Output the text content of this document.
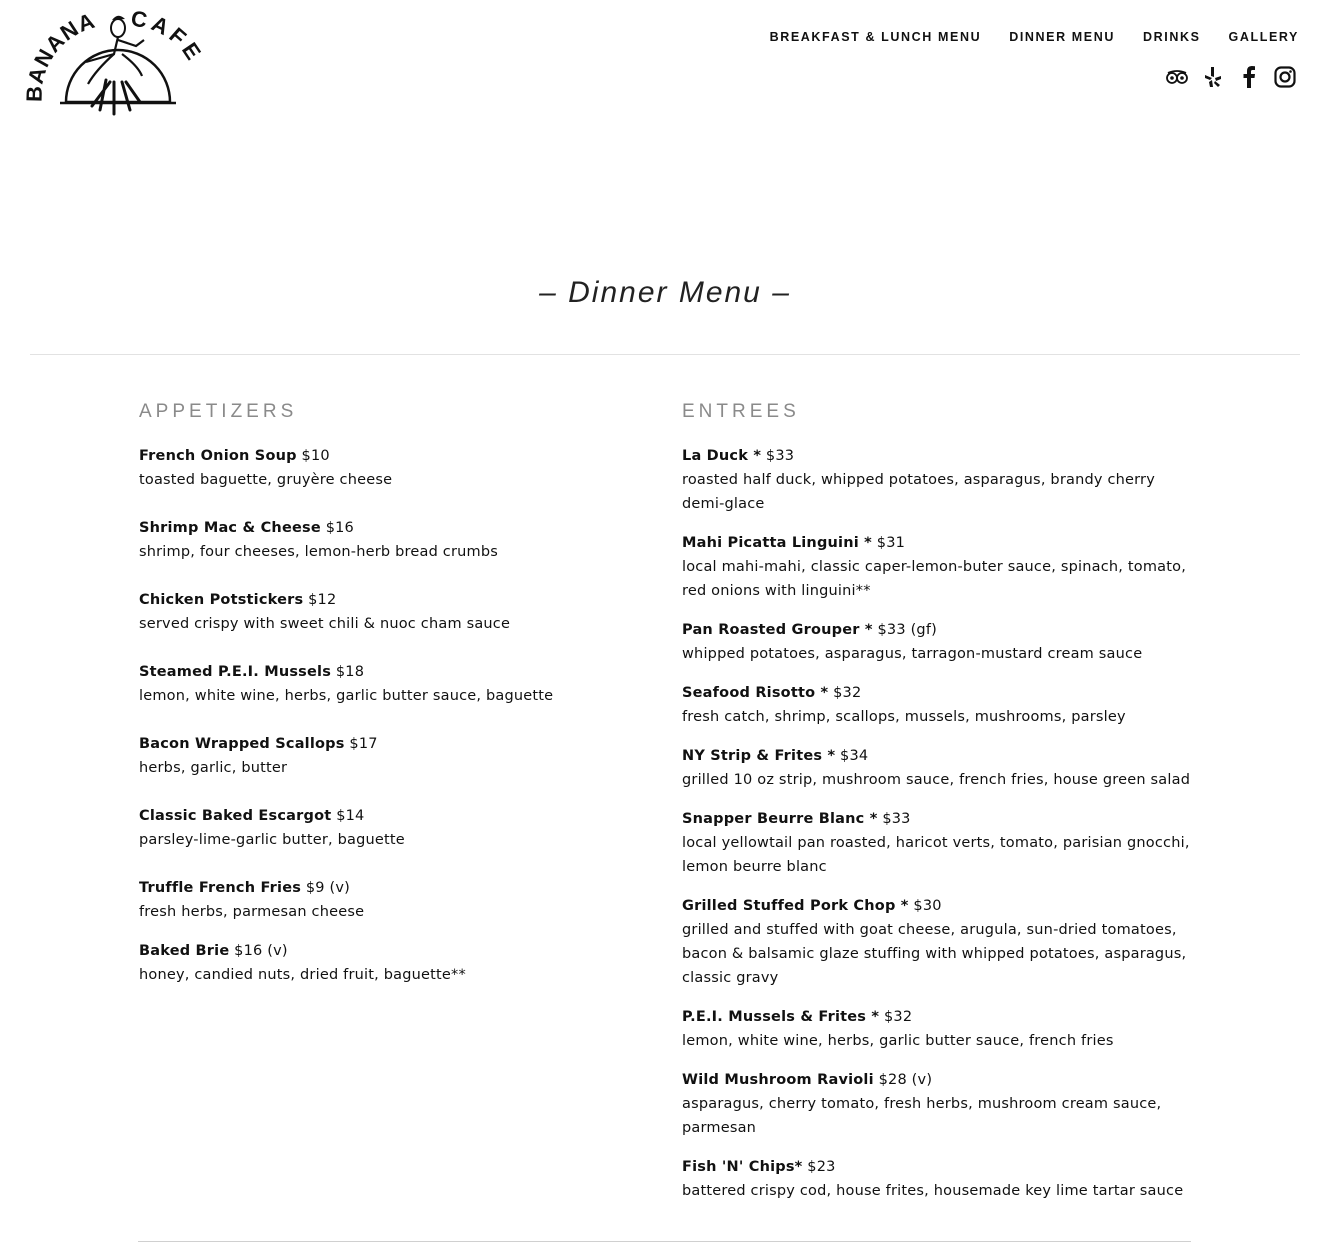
NANA CAFE
BREAKFAST & LUNCH MENU DINNER MENU DRINKS GALLERY
– Dinner Menu –
APPETIZERS
French Onion Soup $10
toasted baguette, gruyère cheese
Shrimp Mac & Cheese $16
shrimp, four cheeses, lemon-herb bread crumbs
Chicken Potstickers $12
served crispy with sweet chili & nuoc cham sauce
Steamed P.E.I. Mussels $18
lemon, white wine, herbs, garlic butter sauce, baguette
Bacon Wrapped Scallops $17
herbs, garlic, butter
Classic Baked Escargot $14
parsley-lime-garlic butter, baguette
Truffle French Fries $9 (v)
fresh herbs, parmesan cheese
Baked Brie $16 (v)
honey, candied nuts, dried fruit, baguette**
ENTREES
La Duck * $33
roasted half duck, whipped potatoes, asparagus, brandy cherry demi-glace
Mahi Picatta Linguini * $31
local mahi-mahi, classic caper-lemon-buter sauce, spinach, tomato, red onions with linguini**
Pan Roasted Grouper * $33 (gf)
whipped potatoes, asparagus, tarragon-mustard cream sauce
Seafood Risotto * $32
fresh catch, shrimp, scallops, mussels, mushrooms, parsley
NY Strip & Frites * $34
grilled 10 oz strip, mushroom sauce, french fries, house green salad
Snapper Beurre Blanc * $33
local yellowtail pan roasted, haricot verts, tomato, parisian gnocchi, lemon beurre blanc
Grilled Stuffed Pork Chop * $30
grilled and stuffed with goat cheese, arugula, sun-dried tomatoes, bacon & balsamic glaze stuffing with whipped potatoes, asparagus, classic gravy
P.E.I. Mussels & Frites * $32
lemon, white wine, herbs, garlic butter sauce, french fries
Wild Mushroom Ravioli $28 (v)
asparagus, cherry tomato, fresh herbs, mushroom cream sauce, parmesan
Fish 'N' Chips* $23
battered crispy cod, house frites, housemade key lime tartar sauce
